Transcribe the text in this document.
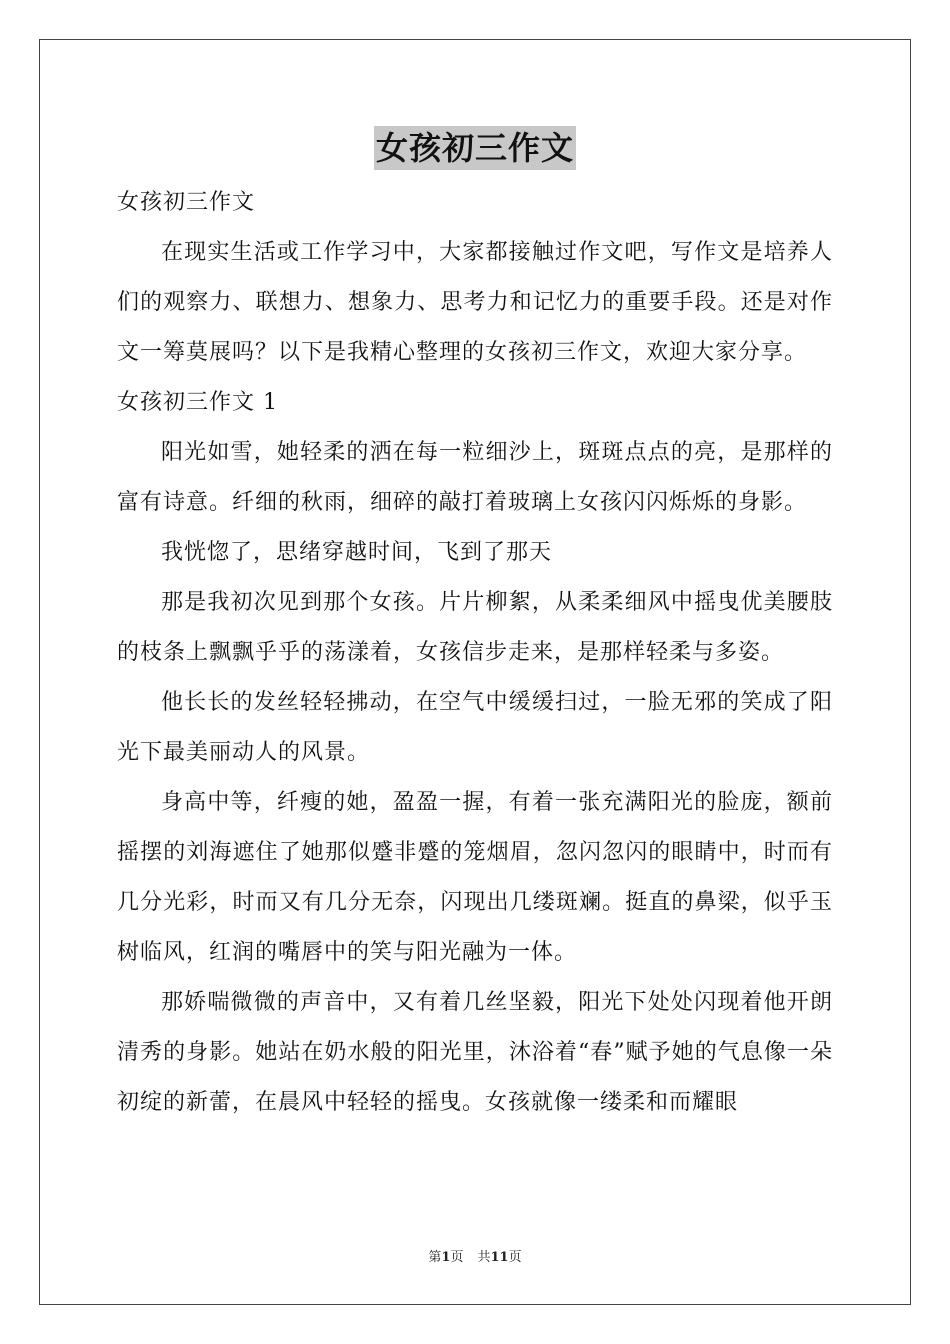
女孩初三作文

女孩初三作文

在现实生活或工作学习中，大家都接触过作文吧，写作文是培养人们的观察力、联想力、想象力、思考力和记忆力的重要手段。还是对作文一筹莫展吗？以下是我精心整理的女孩初三作文，欢迎大家分享。

女孩初三作文 1

阳光如雪，她轻柔的洒在每一粒细沙上，斑斑点点的亮，是那样的富有诗意。纤细的秋雨，细碎的敲打着玻璃上女孩闪闪烁烁的身影。

我恍惚了，思绪穿越时间，飞到了那天

那是我初次见到那个女孩。片片柳絮，从柔柔细风中摇曳优美腰肢的枝条上飘飘乎乎的荡漾着，女孩信步走来，是那样轻柔与多姿。

他长长的发丝轻轻拂动，在空气中缓缓扫过，一脸无邪的笑成了阳光下最美丽动人的风景。

身高中等，纤瘦的她，盈盈一握，有着一张充满阳光的脸庞，额前摇摆的刘海遮住了她那似蹙非蹙的笼烟眉，忽闪忽闪的眼睛中，时而有几分光彩，时而又有几分无奈，闪现出几缕斑斓。挺直的鼻梁，似乎玉树临风，红润的嘴唇中的笑与阳光融为一体。

那娇喘微微的声音中，又有着几丝坚毅，阳光下处处闪现着他开朗清秀的身影。她站在奶水般的阳光里，沐浴着“春”赋予她的气息像一朵初绽的新蕾，在晨风中轻轻的摇曳。女孩就像一缕柔和而耀眼

第1页 共11页
